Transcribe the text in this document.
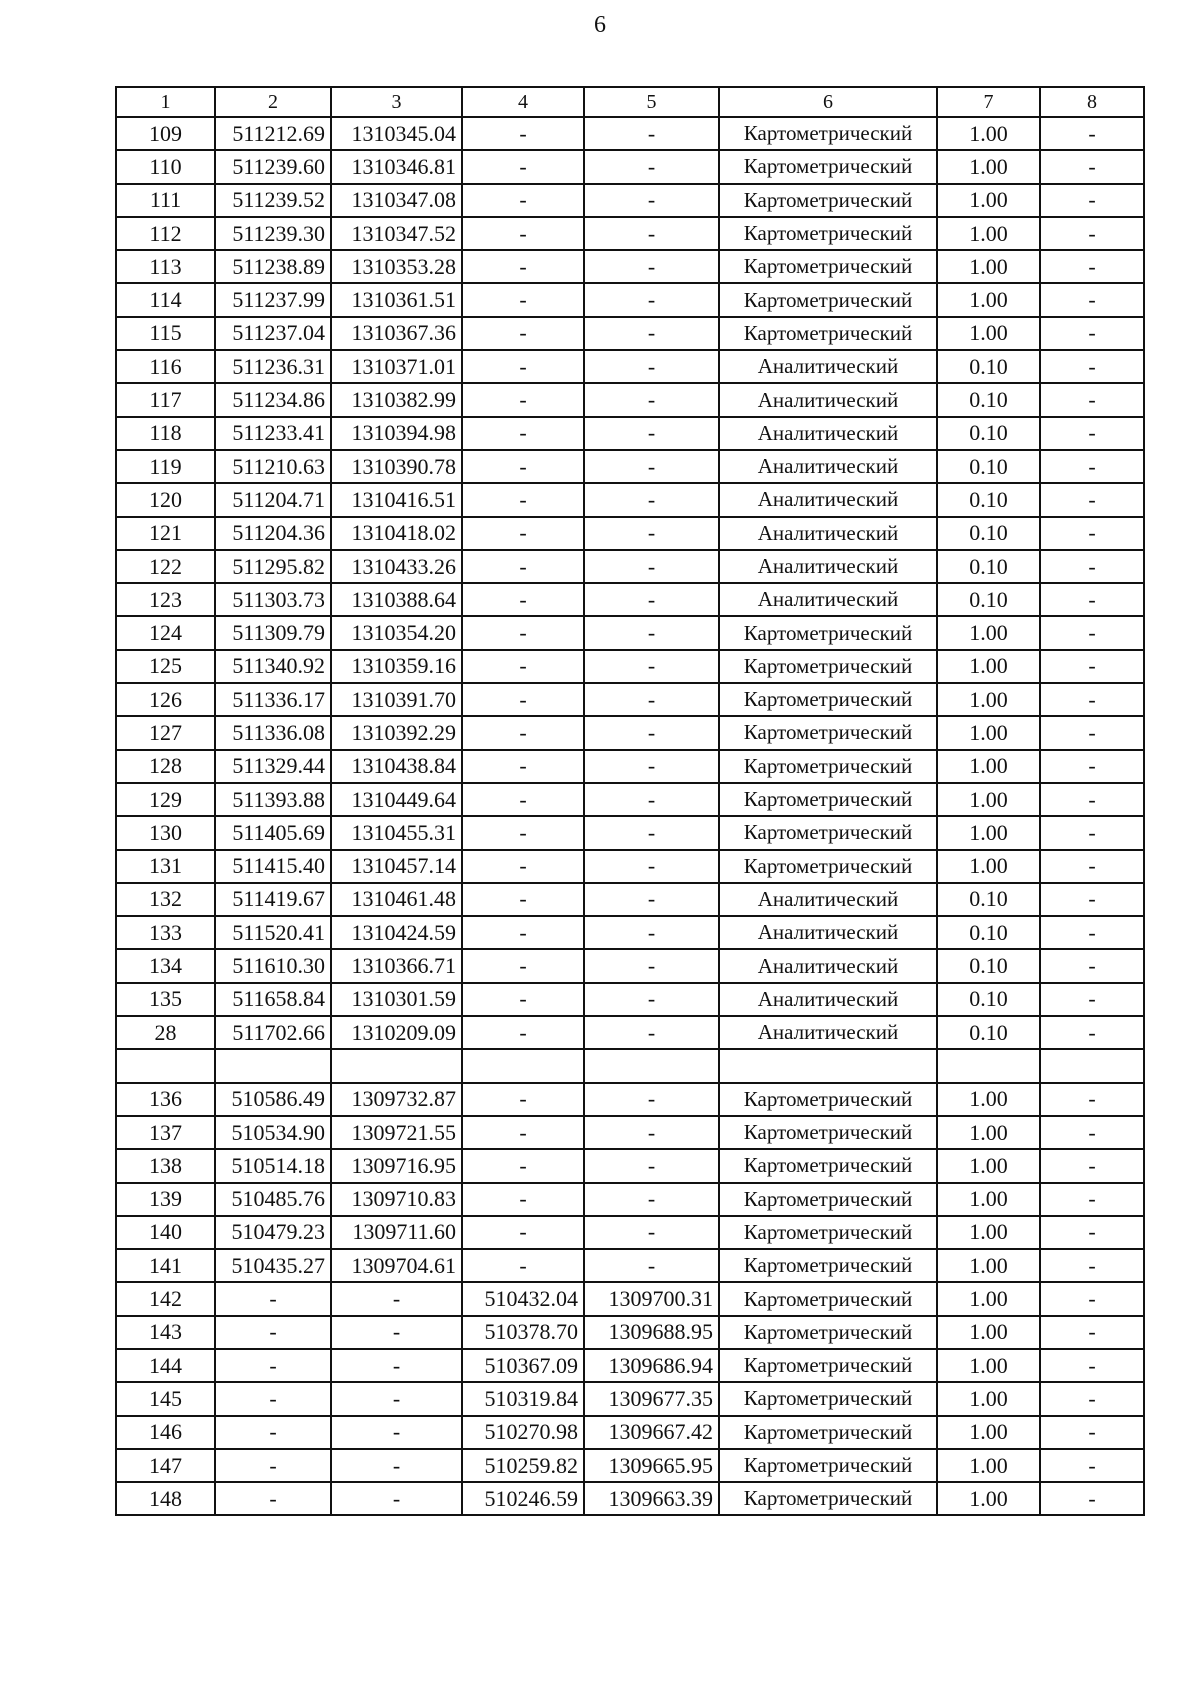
6
1	2	3	4	5	6	7	8
109	511212.69	1310345.04	-	-	Картометрический	1.00	-
110	511239.60	1310346.81	-	-	Картометрический	1.00	-
111	511239.52	1310347.08	-	-	Картометрический	1.00	-
112	511239.30	1310347.52	-	-	Картометрический	1.00	-
113	511238.89	1310353.28	-	-	Картометрический	1.00	-
114	511237.99	1310361.51	-	-	Картометрический	1.00	-
115	511237.04	1310367.36	-	-	Картометрический	1.00	-
116	511236.31	1310371.01	-	-	Аналитический	0.10	-
117	511234.86	1310382.99	-	-	Аналитический	0.10	-
118	511233.41	1310394.98	-	-	Аналитический	0.10	-
119	511210.63	1310390.78	-	-	Аналитический	0.10	-
120	511204.71	1310416.51	-	-	Аналитический	0.10	-
121	511204.36	1310418.02	-	-	Аналитический	0.10	-
122	511295.82	1310433.26	-	-	Аналитический	0.10	-
123	511303.73	1310388.64	-	-	Аналитический	0.10	-
124	511309.79	1310354.20	-	-	Картометрический	1.00	-
125	511340.92	1310359.16	-	-	Картометрический	1.00	-
126	511336.17	1310391.70	-	-	Картометрический	1.00	-
127	511336.08	1310392.29	-	-	Картометрический	1.00	-
128	511329.44	1310438.84	-	-	Картометрический	1.00	-
129	511393.88	1310449.64	-	-	Картометрический	1.00	-
130	511405.69	1310455.31	-	-	Картометрический	1.00	-
131	511415.40	1310457.14	-	-	Картометрический	1.00	-
132	511419.67	1310461.48	-	-	Аналитический	0.10	-
133	511520.41	1310424.59	-	-	Аналитический	0.10	-
134	511610.30	1310366.71	-	-	Аналитический	0.10	-
135	511658.84	1310301.59	-	-	Аналитический	0.10	-
28	511702.66	1310209.09	-	-	Аналитический	0.10	-

136	510586.49	1309732.87	-	-	Картометрический	1.00	-
137	510534.90	1309721.55	-	-	Картометрический	1.00	-
138	510514.18	1309716.95	-	-	Картометрический	1.00	-
139	510485.76	1309710.83	-	-	Картометрический	1.00	-
140	510479.23	1309711.60	-	-	Картометрический	1.00	-
141	510435.27	1309704.61	-	-	Картометрический	1.00	-
142	-	-	510432.04	1309700.31	Картометрический	1.00	-
143	-	-	510378.70	1309688.95	Картометрический	1.00	-
144	-	-	510367.09	1309686.94	Картометрический	1.00	-
145	-	-	510319.84	1309677.35	Картометрический	1.00	-
146	-	-	510270.98	1309667.42	Картометрический	1.00	-
147	-	-	510259.82	1309665.95	Картометрический	1.00	-
148	-	-	510246.59	1309663.39	Картометрический	1.00	-
